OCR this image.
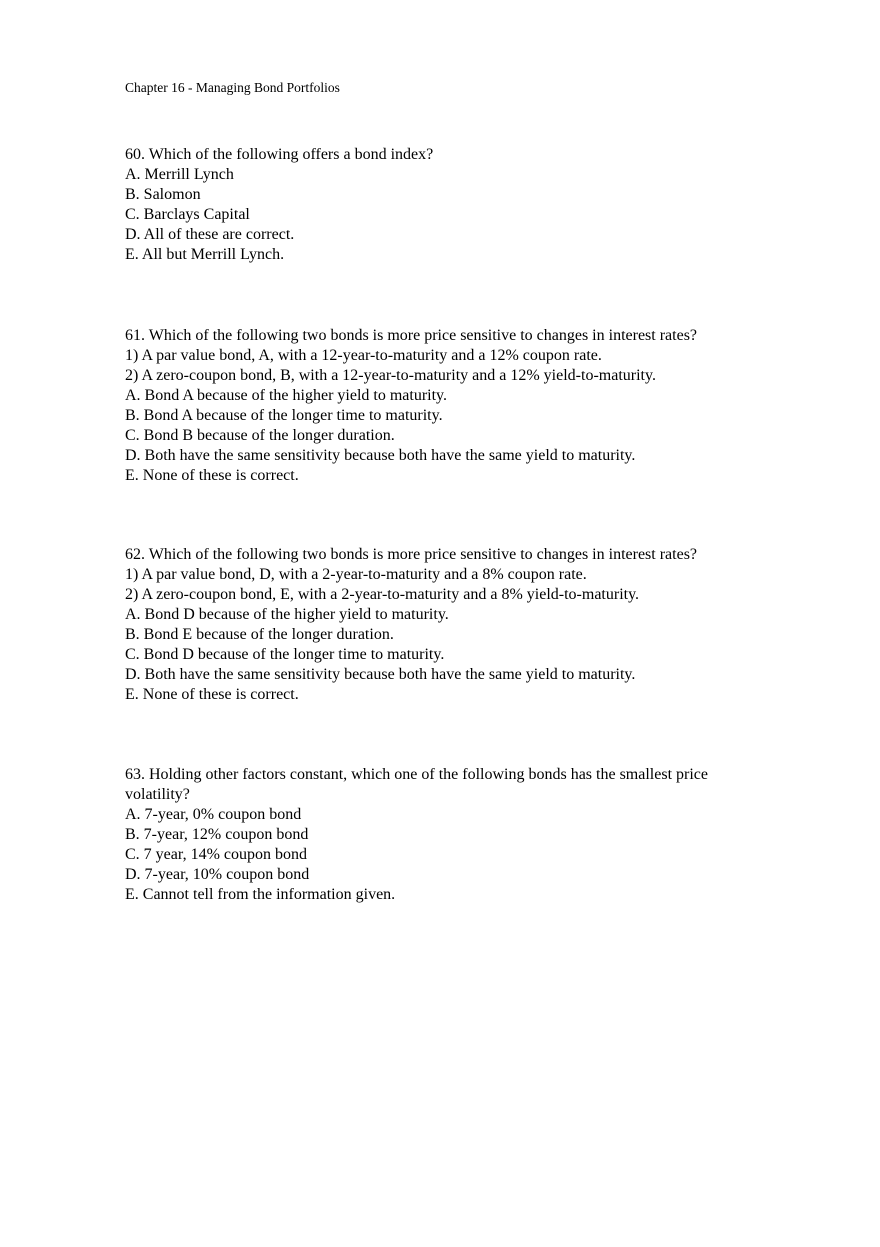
Chapter 16 - Managing Bond Portfolios
60. Which of the following offers a bond index?
A. Merrill Lynch
B. Salomon
C. Barclays Capital
D. All of these are correct.
E. All but Merrill Lynch.
61. Which of the following two bonds is more price sensitive to changes in interest rates?
1) A par value bond, A, with a 12-year-to-maturity and a 12% coupon rate.
2) A zero-coupon bond, B, with a 12-year-to-maturity and a 12% yield-to-maturity.
A. Bond A because of the higher yield to maturity.
B. Bond A because of the longer time to maturity.
C. Bond B because of the longer duration.
D. Both have the same sensitivity because both have the same yield to maturity.
E. None of these is correct.
62. Which of the following two bonds is more price sensitive to changes in interest rates?
1) A par value bond, D, with a 2-year-to-maturity and a 8% coupon rate.
2) A zero-coupon bond, E, with a 2-year-to-maturity and a 8% yield-to-maturity.
A. Bond D because of the higher yield to maturity.
B. Bond E because of the longer duration.
C. Bond D because of the longer time to maturity.
D. Both have the same sensitivity because both have the same yield to maturity.
E. None of these is correct.
63. Holding other factors constant, which one of the following bonds has the smallest price volatility?
A. 7-year, 0% coupon bond
B. 7-year, 12% coupon bond
C. 7 year, 14% coupon bond
D. 7-year, 10% coupon bond
E. Cannot tell from the information given.
